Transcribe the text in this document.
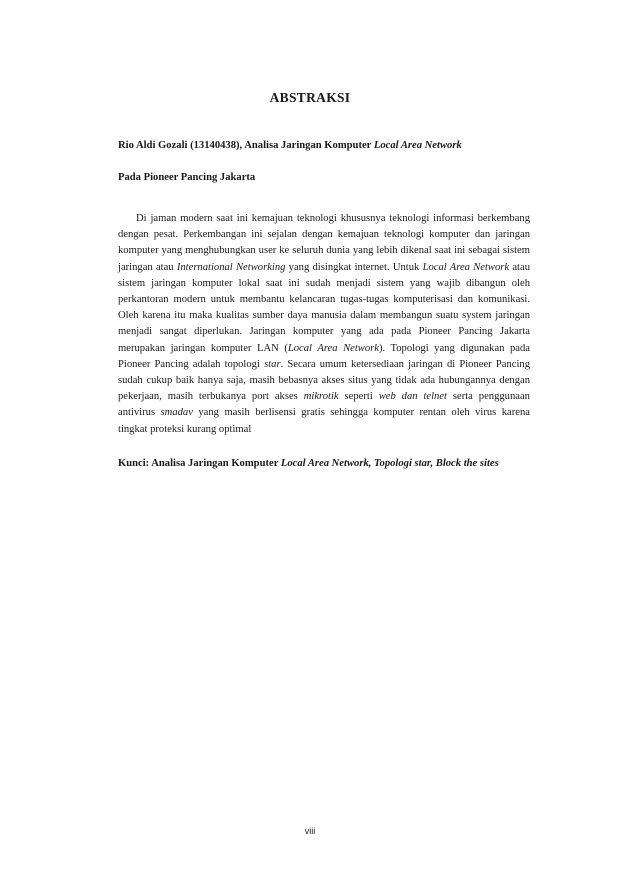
ABSTRAKSI
Rio Aldi Gozali (13140438), Analisa Jaringan Komputer Local Area Network
Pada Pioneer Pancing Jakarta

Di jaman modern saat ini kemajuan teknologi khususnya teknologi informasi berkembang dengan pesat. Perkembangan ini sejalan dengan kemajuan teknologi komputer dan jaringan komputer yang menghubungkan user ke seluruh dunia yang lebih dikenal saat ini sebagai sistem jaringan atau International Networking yang disingkat internet. Untuk Local Area Network atau sistem jaringan komputer lokal saat ini sudah menjadi sistem yang wajib dibangun oleh perkantoran modern untuk membantu kelancaran tugas-tugas komputerisasi dan komunikasi. Oleh karena itu maka kualitas sumber daya manusia dalam membangun suatu system jaringan menjadi sangat diperlukan. Jaringan komputer yang ada pada Pioneer Pancing Jakarta merupakan jaringan komputer LAN (Local Area Network). Topologi yang digunakan pada Pioneer Pancing adalah topologi star. Secara umum ketersediaan jaringan di Pioneer Pancing sudah cukup baik hanya saja, masih bebasnya akses situs yang tidak ada hubungannya dengan pekerjaan, masih terbukanya port akses mikrotik seperti web dan telnet serta penggunaan antivirus smadav yang masih berlisensi gratis sehingga komputer rentan oleh virus karena tingkat proteksi kurang optimal

Kunci: Analisa Jaringan Komputer Local Area Network, Topologi star, Block the sites
viii
